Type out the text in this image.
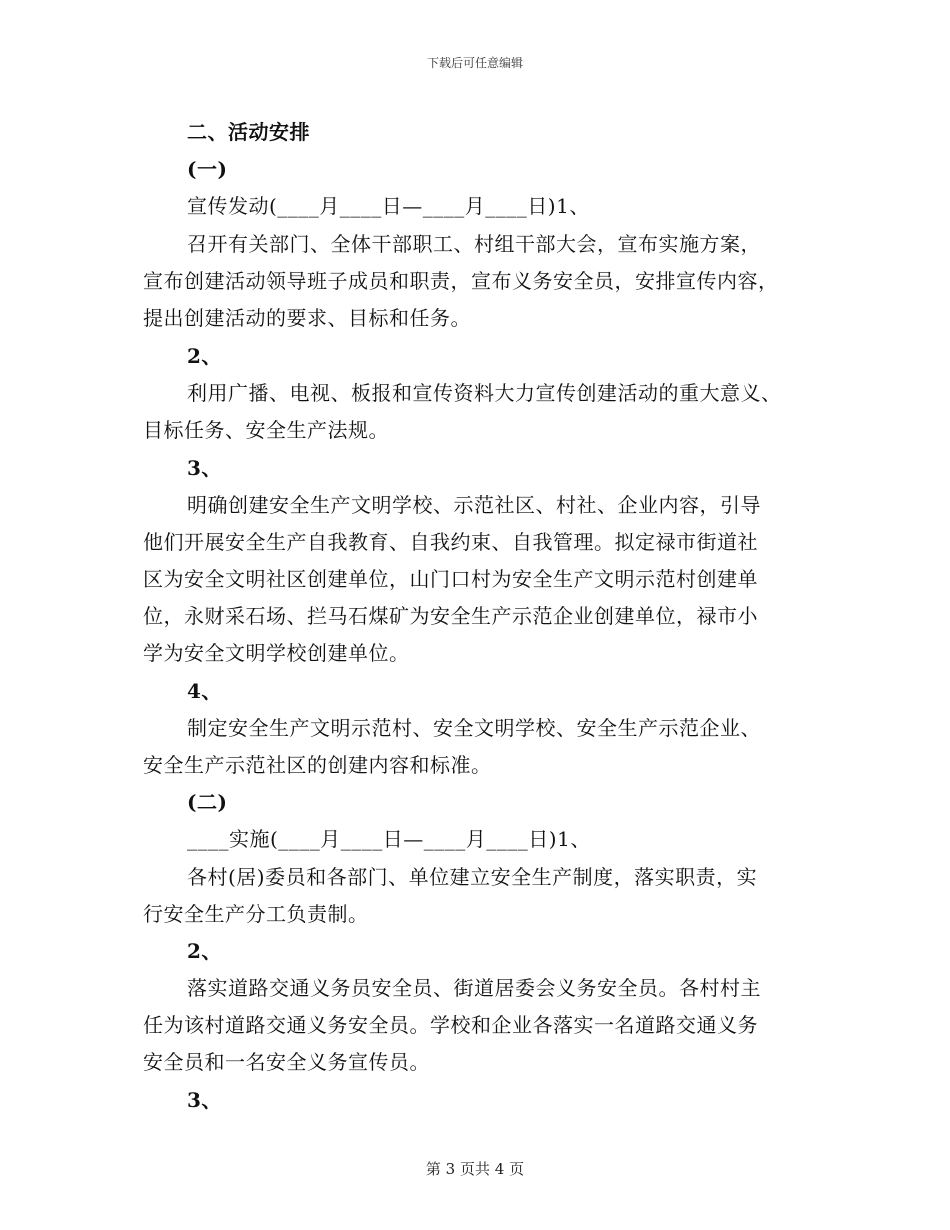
下载后可任意编辑
二、活动安排
(一)
宣传发动(____月____日—____月____日)1、
召开有关部门、全体干部职工、村组干部大会，宣布实施方案，
宣布创建活动领导班子成员和职责，宣布义务安全员，安排宣传内容，
提出创建活动的要求、目标和任务。
2、
利用广播、电视、板报和宣传资料大力宣传创建活动的重大意义、
目标任务、安全生产法规。
3、
明确创建安全生产文明学校、示范社区、村社、企业内容，引导
他们开展安全生产自我教育、自我约束、自我管理。拟定禄市街道社
区为安全文明社区创建单位，山门口村为安全生产文明示范村创建单
位，永财采石场、拦马石煤矿为安全生产示范企业创建单位，禄市小
学为安全文明学校创建单位。
4、
制定安全生产文明示范村、安全文明学校、安全生产示范企业、
安全生产示范社区的创建内容和标准。
(二)
____实施(____月____日—____月____日)1、
各村(居)委员和各部门、单位建立安全生产制度，落实职责，实
行安全生产分工负责制。
2、
落实道路交通义务员安全员、街道居委会义务安全员。各村村主
任为该村道路交通义务安全员。学校和企业各落实一名道路交通义务
安全员和一名安全义务宣传员。
3、
第 3 页共 4 页
